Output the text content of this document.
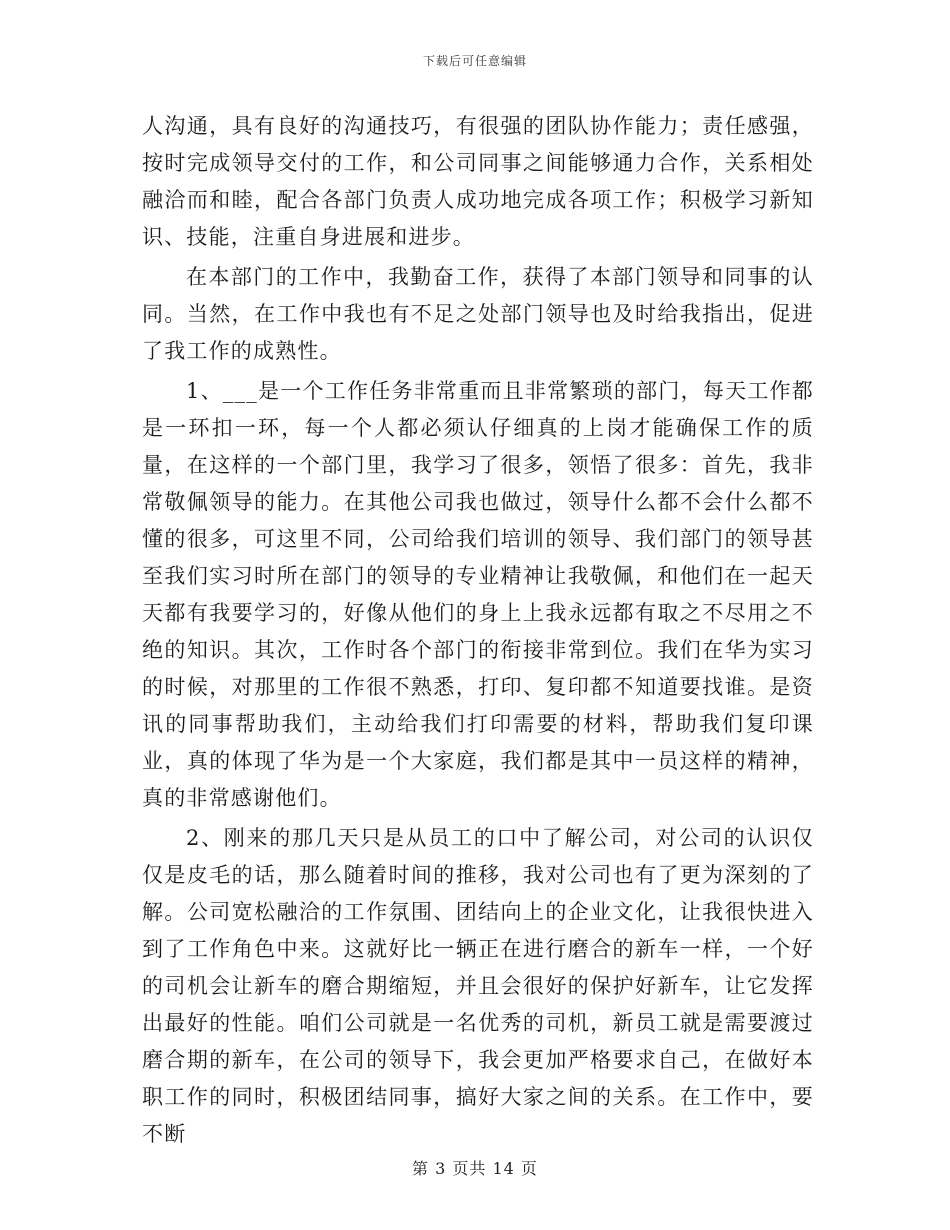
下载后可任意编辑

人沟通，具有良好的沟通技巧，有很强的团队协作能力；责任感强，按时完成领导交付的工作，和公司同事之间能够通力合作，关系相处融洽而和睦，配合各部门负责人成功地完成各项工作；积极学习新知识、技能，注重自身进展和进步。

在本部门的工作中，我勤奋工作，获得了本部门领导和同事的认同。当然，在工作中我也有不足之处部门领导也及时给我指出，促进了我工作的成熟性。

1、___是一个工作任务非常重而且非常繁琐的部门，每天工作都是一环扣一环，每一个人都必须认仔细真的上岗才能确保工作的质量，在这样的一个部门里，我学习了很多，领悟了很多：首先，我非常敬佩领导的能力。在其他公司我也做过，领导什么都不会什么都不懂的很多，可这里不同，公司给我们培训的领导、我们部门的领导甚至我们实习时所在部门的领导的专业精神让我敬佩，和他们在一起天天都有我要学习的，好像从他们的身上上我永远都有取之不尽用之不绝的知识。其次，工作时各个部门的衔接非常到位。我们在华为实习的时候，对那里的工作很不熟悉，打印、复印都不知道要找谁。是资讯的同事帮助我们，主动给我们打印需要的材料，帮助我们复印课业，真的体现了华为是一个大家庭，我们都是其中一员这样的精神，真的非常感谢他们。

2、刚来的那几天只是从员工的口中了解公司，对公司的认识仅仅是皮毛的话，那么随着时间的推移，我对公司也有了更为深刻的了解。公司宽松融洽的工作氛围、团结向上的企业文化，让我很快进入到了工作角色中来。这就好比一辆正在进行磨合的新车一样，一个好的司机会让新车的磨合期缩短，并且会很好的保护好新车，让它发挥出最好的性能。咱们公司就是一名优秀的司机，新员工就是需要渡过磨合期的新车，在公司的领导下，我会更加严格要求自己，在做好本职工作的同时，积极团结同事，搞好大家之间的关系。在工作中，要不断

第 3 页共 14 页
